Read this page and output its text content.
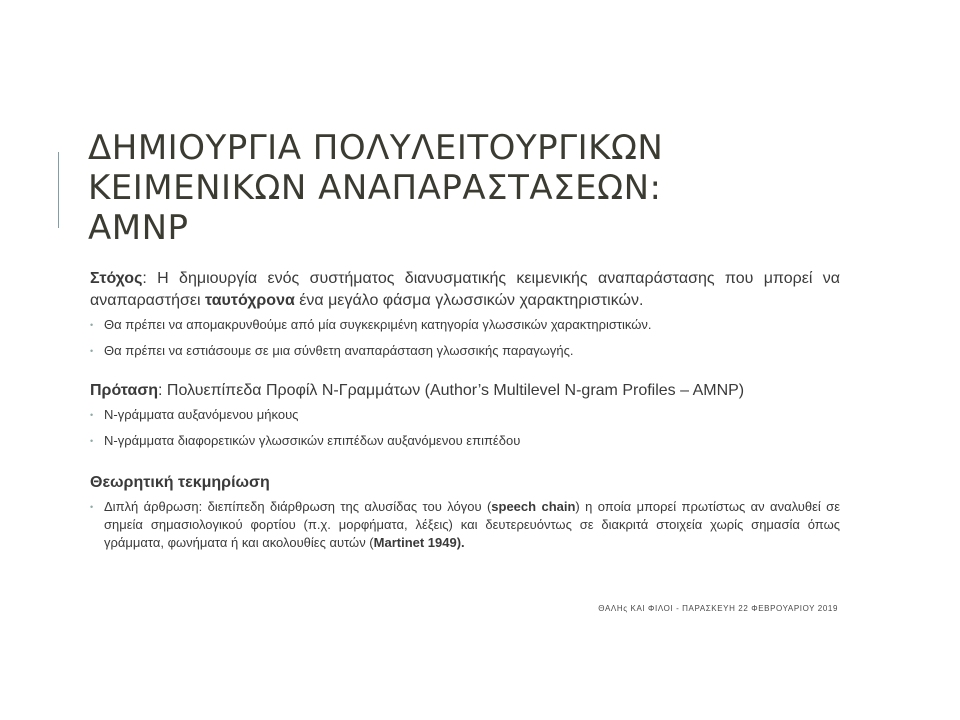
ΔΗΜΙΟΥΡΓΙΑ ΠΟΛΥΛΕΙΤΟΥΡΓΙΚΩΝ
ΚΕΙΜΕΝΙΚΩΝ ΑΝΑΠΑΡΑΣΤΑΣΕΩΝ:
AMNP
Στόχος: Η δημιουργία ενός συστήματος διανυσματικής κειμενικής αναπαράστασης που μπορεί να αναπαραστήσει ταυτόχρονα ένα μεγάλο φάσμα γλωσσικών χαρακτηριστικών.
• Θα πρέπει να απομακρυνθούμε από μία συγκεκριμένη κατηγορία γλωσσικών χαρακτηριστικών.
• Θα πρέπει να εστιάσουμε σε μια σύνθετη αναπαράσταση γλωσσικής παραγωγής.
Πρόταση: Πολυεπίπεδα Προφίλ Ν-Γραμμάτων (Author’s Multilevel N-gram Profiles – AMNP)
• N-γράμματα αυξανόμενου μήκους
• N-γράμματα διαφορετικών γλωσσικών επιπέδων αυξανόμενου επιπέδου
Θεωρητική τεκμηρίωση
• Διπλή άρθρωση: διεπίπεδη διάρθρωση της αλυσίδας του λόγου (speech chain) η οποία μπορεί πρωτίστως αν αναλυθεί σε σημεία σημασιολογικού φορτίου (π.χ. μορφήματα, λέξεις) και δευτερευόντως σε διακριτά στοιχεία χωρίς σημασία όπως γράμματα, φωνήματα ή και ακολουθίες αυτών (Martinet 1949).
ΘΑΛΗς ΚΑΙ ΦΙΛΟΙ - ΠΑΡΑΣΚΕΥΗ 22 ΦΕΒΡΟΥΑΡΙΟΥ 2019
